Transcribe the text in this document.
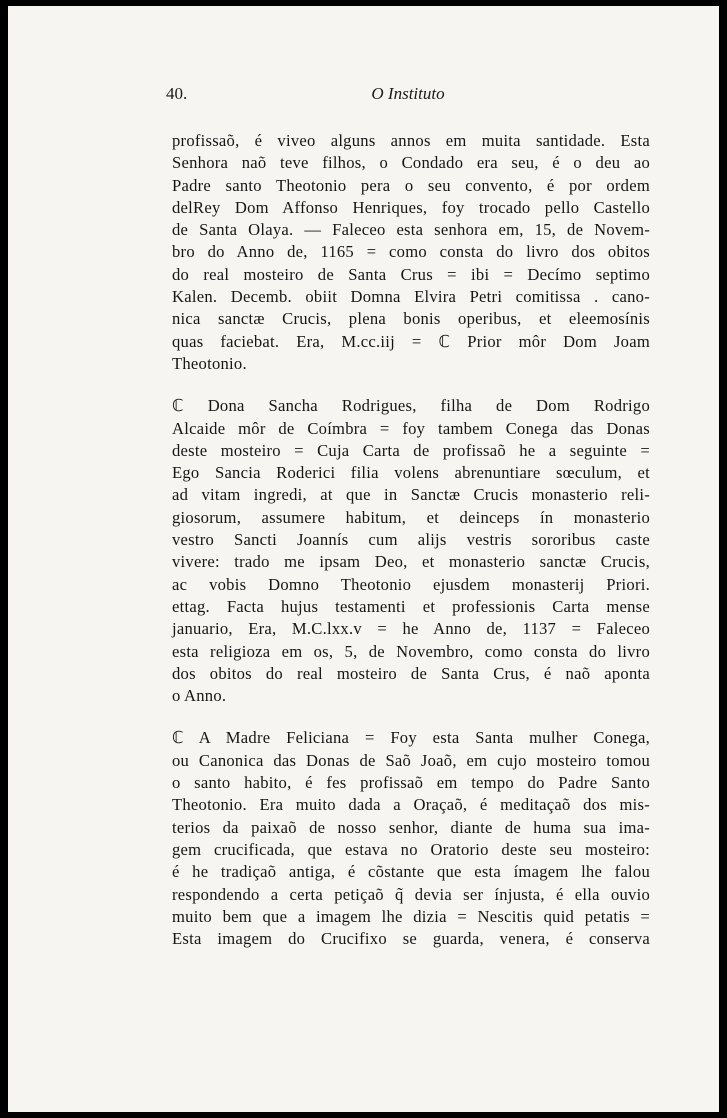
40.	O Instituto

profissaõ, é viveo alguns annos em muita santidade. Esta
Senhora naõ teve filhos, o Condado era seu, é o deu ao
Padre santo Theotonio pera o seu convento, é por ordem
delRey Dom Affonso Henriques, foy trocado pello Castello
de Santa Olaya. — Faleceo esta senhora em, 15, de Novem-
bro do Anno de, 1165 = como consta do livro dos obitos
do real mosteiro de Santa Crus = ibi = Decímo septimo
Kalen. Decemb. obiit Domna Elvira Petri comitissa . cano-
nica sanctæ Crucis, plena bonis operibus, et eleemosínis
quas faciebat. Era, M.cc.iij = ℂ Prior môr Dom Joam
Theotonio.

ℂ Dona Sancha Rodrigues, filha de Dom Rodrigo
Alcaide môr de Coímbra = foy tambem Conega das Donas
deste mosteiro = Cuja Carta de profissaõ he a seguinte =
Ego Sancia Roderici filia volens abrenuntiare sœculum, et
ad vitam ingredi, at que in Sanctæ Crucis monasterio reli-
giosorum, assumere habitum, et deinceps ín monasterio
vestro Sancti Joannís cum alijs vestris sororibus caste
vivere: trado me ipsam Deo, et monasterio sanctæ Crucis,
ac vobis Domno Theotonio ejusdem monasterij Priori.
ettag. Facta hujus testamenti et professionis Carta mense
januario, Era, M.C.lxx.v = he Anno de, 1137 = Faleceo
esta religioza em os, 5, de Novembro, como consta do livro
dos obitos do real mosteiro de Santa Crus, é naõ aponta
o Anno.

ℂ A Madre Feliciana = Foy esta Santa mulher Conega,
ou Canonica das Donas de Saõ Joaõ, em cujo mosteiro tomou
o santo habito, é fes profissaõ em tempo do Padre Santo
Theotonio. Era muito dada a Oraçaõ, é meditaçaõ dos mis-
terios da paixaõ de nosso senhor, diante de huma sua ima-
gem crucificada, que estava no Oratorio deste seu mosteiro:
é he tradiçaõ antiga, é cõstante que esta ímagem lhe falou
respondendo a certa petiçaõ q̃ devia ser ínjusta, é ella ouvio
muito bem que a imagem lhe dizia = Nescitis quid petatis =
Esta imagem do Crucifixo se guarda, venera, é conserva
